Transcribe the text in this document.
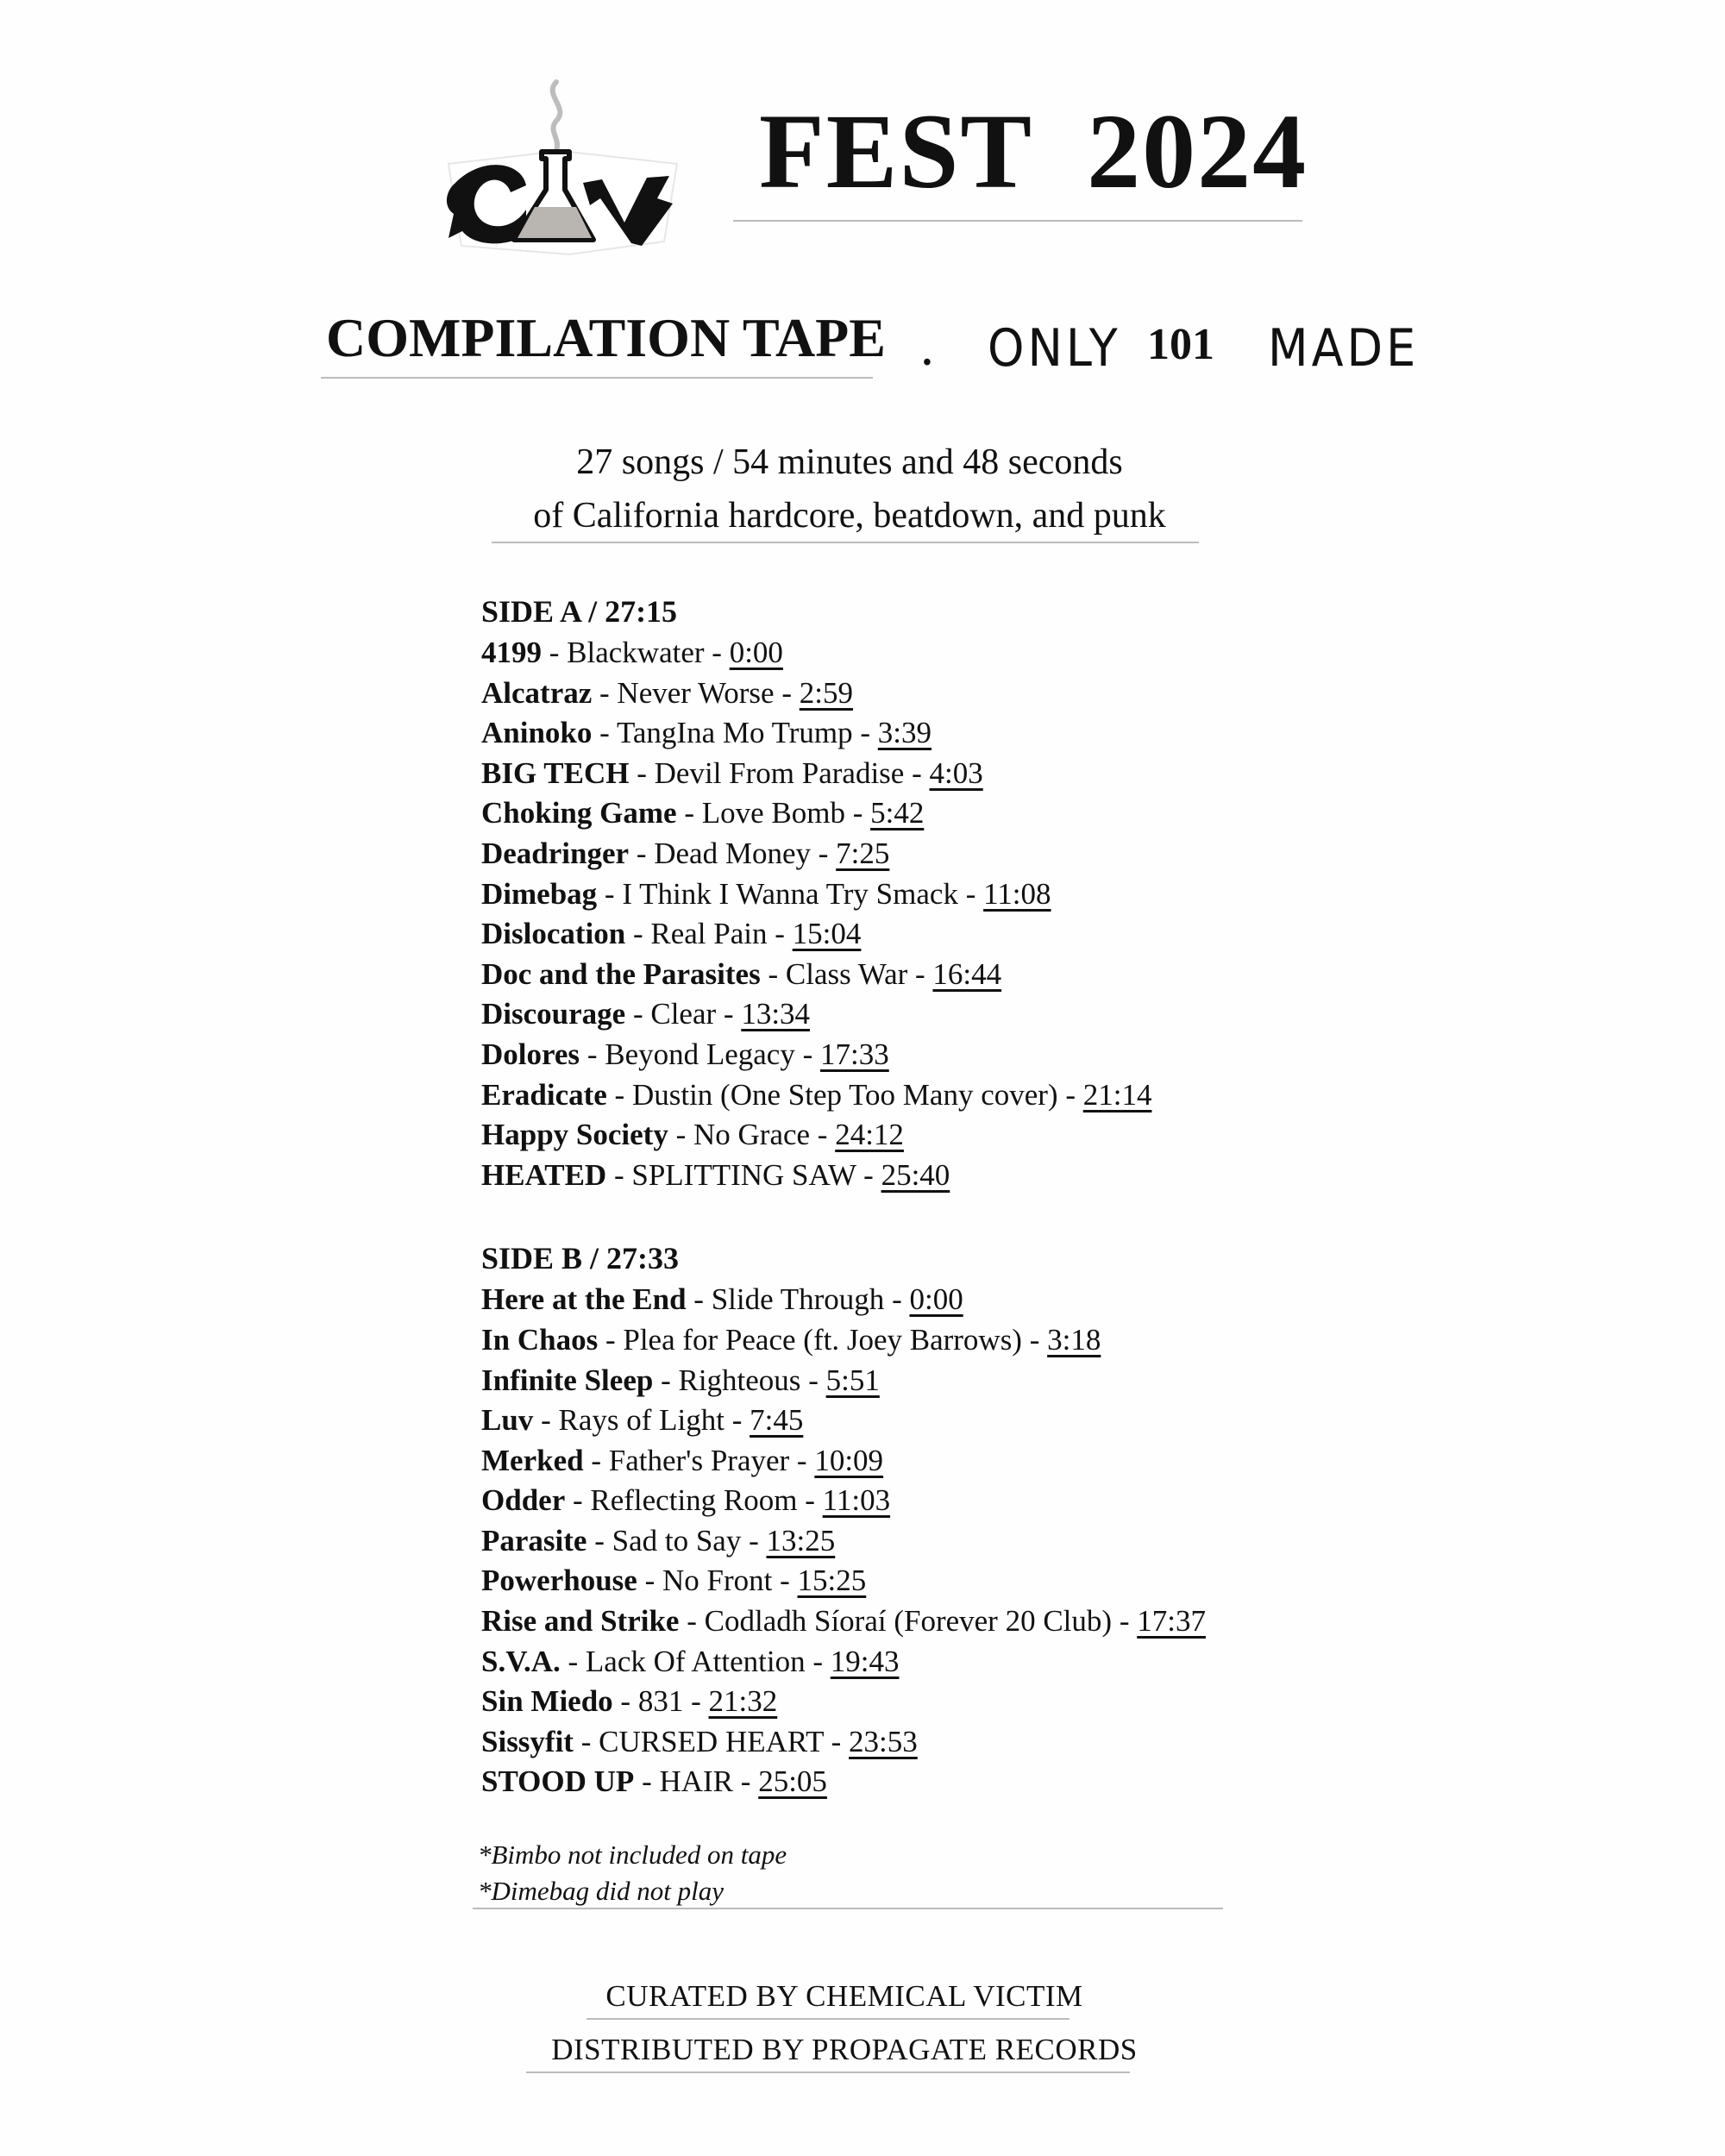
FEST 2024
COMPILATION TAPE • ONLY 101 MADE
27 songs / 54 minutes and 48 seconds
of California hardcore, beatdown, and punk
SIDE A / 27:15
4199 - Blackwater - 0:00
Alcatraz - Never Worse - 2:59
Aninoko - TangIna Mo Trump - 3:39
BIG TECH - Devil From Paradise - 4:03
Choking Game - Love Bomb - 5:42
Deadringer - Dead Money - 7:25
Dimebag - I Think I Wanna Try Smack - 11:08
Dislocation - Real Pain - 15:04
Doc and the Parasites - Class War - 16:44
Discourage - Clear - 13:34
Dolores - Beyond Legacy - 17:33
Eradicate - Dustin (One Step Too Many cover) - 21:14
Happy Society - No Grace - 24:12
HEATED - SPLITTING SAW - 25:40
SIDE B / 27:33
Here at the End - Slide Through - 0:00
In Chaos - Plea for Peace (ft. Joey Barrows) - 3:18
Infinite Sleep - Righteous - 5:51
Luv - Rays of Light - 7:45
Merked - Father's Prayer - 10:09
Odder - Reflecting Room - 11:03
Parasite - Sad to Say - 13:25
Powerhouse - No Front - 15:25
Rise and Strike - Codladh Síoraí (Forever 20 Club) - 17:37
S.V.A. - Lack Of Attention - 19:43
Sin Miedo - 831 - 21:32
Sissyfit - CURSED HEART - 23:53
STOOD UP - HAIR - 25:05
*Bimbo not included on tape
*Dimebag did not play
CURATED BY CHEMICAL VICTIM
DISTRIBUTED BY PROPAGATE RECORDS
